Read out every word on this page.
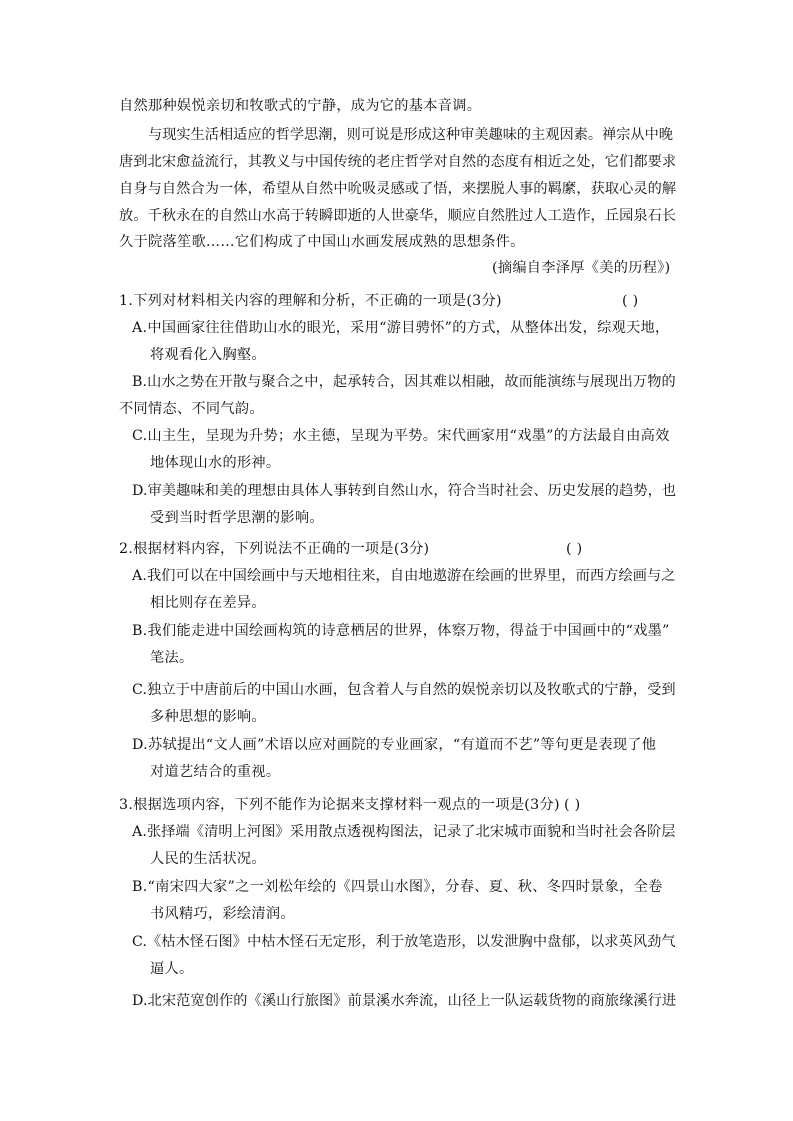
自然那种娱悦亲切和牧歌式的宁静，成为它的基本音调。
与现实生活相适应的哲学思潮，则可说是形成这种审美趣味的主观因素。禅宗从中晚
唐到北宋愈益流行，其教义与中国传统的老庄哲学对自然的态度有相近之处，它们都要求
自身与自然合为一体，希望从自然中吮吸灵感或了悟，来摆脱人事的羁縻，获取心灵的解
放。千秋永在的自然山水高于转瞬即逝的人世豪华，顺应自然胜过人工造作，丘园泉石长
久于院落笙歌……它们构成了中国山水画发展成熟的思想条件。
(摘编自李泽厚《美的历程》)
1.下列对材料相关内容的理解和分析，不正确的一项是(3分)	( )
A.中国画家往往借助山水的眼光，采用“游目骋怀”的方式，从整体出发，综观天地，
将观看化入胸壑。
B.山水之势在开散与聚合之中，起承转合，因其难以相融，故而能演练与展现出万物的
不同情态、不同气韵。
C.山主生，呈现为升势；水主德，呈现为平势。宋代画家用“戏墨”的方法最自由高效
地体现山水的形神。
D.审美趣味和美的理想由具体人事转到自然山水，符合当时社会、历史发展的趋势，也
受到当时哲学思潮的影响。
2.根据材料内容，下列说法不正确的一项是(3分)	( )
A.我们可以在中国绘画中与天地相往来，自由地遨游在绘画的世界里，而西方绘画与之
相比则存在差异。
B.我们能走进中国绘画构筑的诗意栖居的世界，体察万物，得益于中国画中的“戏墨”
笔法。
C.独立于中唐前后的中国山水画，包含着人与自然的娱悦亲切以及牧歌式的宁静，受到
多种思想的影响。
D.苏轼提出“文人画”术语以应对画院的专业画家，“有道而不艺”等句更是表现了他
对道艺结合的重视。
3.根据选项内容，下列不能作为论据来支撑材料一观点的一项是(3分) ( )
A.张择端《清明上河图》采用散点透视构图法，记录了北宋城市面貌和当时社会各阶层
人民的生活状况。
B.“南宋四大家”之一刘松年绘的《四景山水图》，分春、夏、秋、冬四时景象，全卷
书风精巧，彩绘清润。
C.《枯木怪石图》中枯木怪石无定形，利于放笔造形，以发泄胸中盘郁，以求英风劲气
逼人。
D.北宋范宽创作的《溪山行旅图》前景溪水奔流，山径上一队运载货物的商旅缘溪行进
